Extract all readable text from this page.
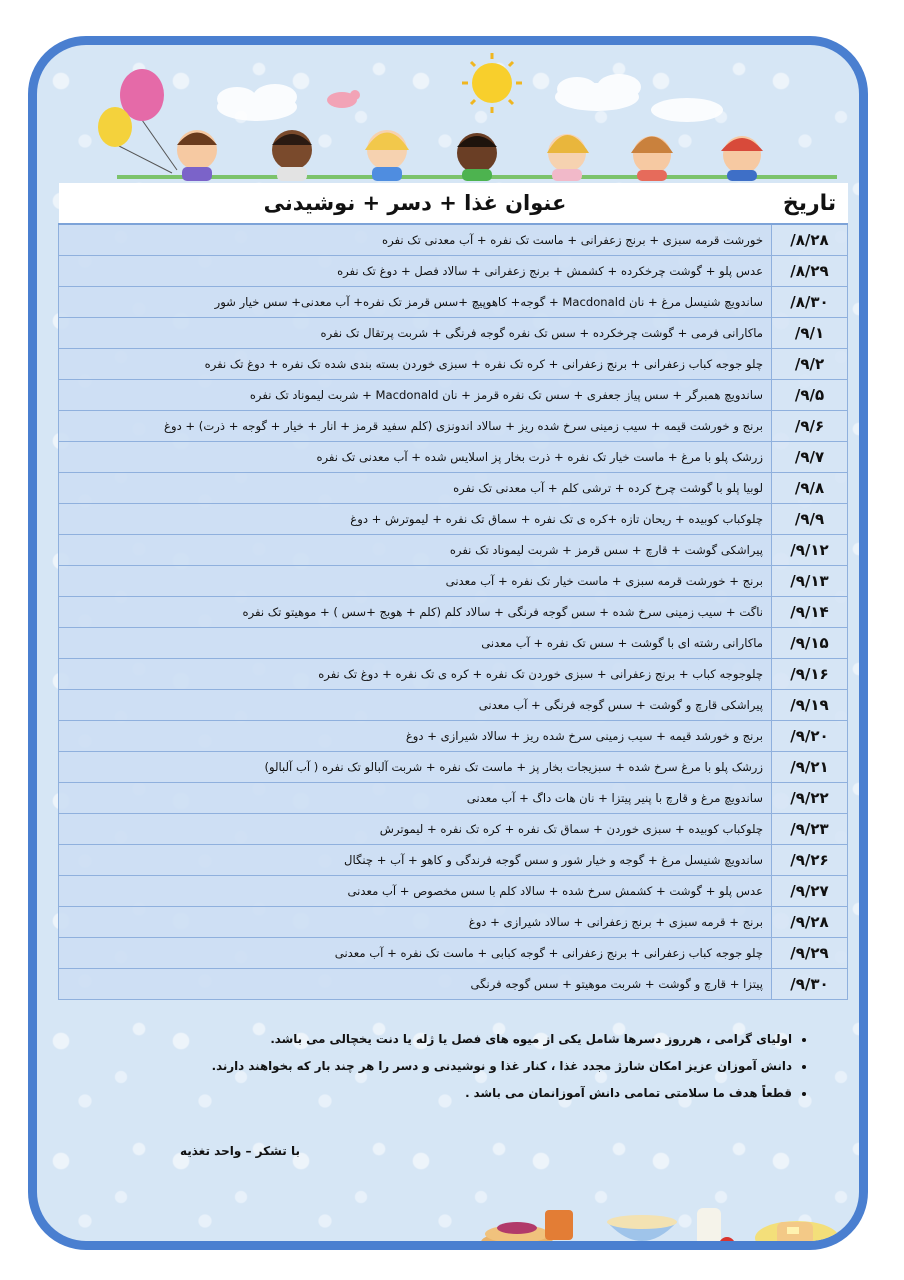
تاریخ	عنوان غذا + دسر + نوشیدنی
/۸/۲۸	خورشت قرمه سبزی + برنج زعفرانی + ماست تک نفره + آب معدنی تک نفره
/۸/۲۹	عدس پلو + گوشت چرخکرده + کشمش + برنج زعفرانی + سالاد فصل + دوغ تک نفره
/۸/۳۰	ساندویچ شنیسل مرغ + نان Macdonald + گوجه+ کاهوپیچ +سس قرمز تک نفره+ آب معدنی+ سس خیار شور
/۹/۱	ماکارانی فرمی + گوشت چرخکرده + سس تک نفره گوجه فرنگی + شربت پرتقال تک نفره
/۹/۲	چلو جوجه کباب زعفرانی + برنج زعفرانی + کره تک نفره + سبزی خوردن بسته بندی شده تک نفره + دوغ تک نفره
/۹/۵	ساندویچ همبرگر + سس پیاز جعفری + سس تک نفره قرمز + نان Macdonald + شربت لیموناد تک نفره
/۹/۶	برنج و خورشت قیمه + سیب زمینی سرخ شده ریز + سالاد اندونزی (کلم سفید قرمز + انار + خیار + گوجه + ذرت) + دوغ
/۹/۷	زرشک پلو با مرغ + ماست خیار تک نفره + ذرت بخار پز اسلایس شده + آب معدنی تک نفره
/۹/۸	لوبیا پلو با گوشت چرخ کرده + ترشی کلم + آب معدنی تک نفره
/۹/۹	چلوکباب کوبیده + ریحان تازه +کره ی تک نفره + سماق تک نفره + لیموترش + دوغ
/۹/۱۲	پیراشکی گوشت + قارچ + سس قرمز + شربت لیموناد تک نفره
/۹/۱۳	برنج + خورشت قرمه سبزی + ماست خیار تک نفره + آب معدنی
/۹/۱۴	ناگت + سیب زمینی سرخ شده + سس گوجه فرنگی + سالاد کلم (کلم + هویج +سس ) + موهیتو تک نفره
/۹/۱۵	ماکارانی رشته ای با گوشت + سس تک نفره + آب معدنی
/۹/۱۶	چلوجوجه کباب + برنج زعفرانی + سبزی خوردن تک نفره + کره ی تک نفره + دوغ تک نفره
/۹/۱۹	پیراشکی قارچ و گوشت + سس گوجه فرنگی + آب معدنی
/۹/۲۰	برنج و خورشد قیمه + سیب زمینی سرخ شده ریز + سالاد شیرازی + دوغ
/۹/۲۱	زرشک پلو با مرغ سرخ شده + سبزیجات بخار پز + ماست تک نفره + شربت آلبالو تک نفره ( آب آلبالو)
/۹/۲۲	ساندویچ مرغ و قارچ با پنیر پیتزا + نان هات داگ + آب معدنی
/۹/۲۳	چلوکباب کوبیده + سبزی خوردن + سماق تک نفره + کره تک نفره + لیموترش
/۹/۲۶	ساندویچ شنیسل مرغ + گوجه و خیار شور و سس گوجه فرندگی و کاهو + آب + چنگال
/۹/۲۷	عدس پلو + گوشت + کشمش سرخ شده + سالاد کلم با سس مخصوص + آب معدنی
/۹/۲۸	برنج + قرمه سبزی + برنج زعفرانی + سالاد شیرازی + دوغ
/۹/۲۹	چلو جوجه کباب زعفرانی + برنج زعفرانی + گوجه کبابی + ماست تک نفره + آب معدنی
/۹/۳۰	پیتزا + قارچ و گوشت + شربت موهیتو + سس گوجه فرنگی
• اولیای گرامی ، هرروز دسرها شامل یکی از میوه های فصل یا ژله یا دنت یخچالی می باشد.
• دانش آموزان عزیز امکان شارژ مجدد غذا ، کنار غذا و نوشیدنی و دسر را هر چند بار که بخواهند دارند.
• قطعاً هدف ما سلامتی تمامی دانش آموزانمان می باشد .
با تشکر – واحد تغذیه
